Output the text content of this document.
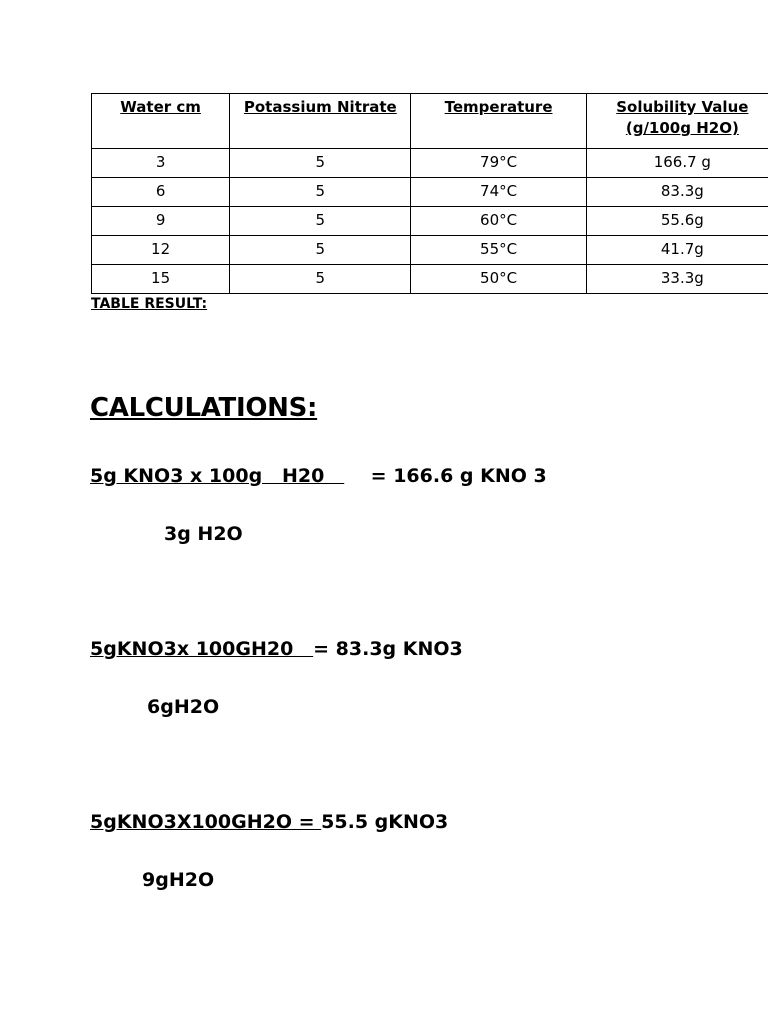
Water cm	Potassium Nitrate	Temperature	Solubility Value
(g/100g H2O)
3	5	79°C	166.7 g
6	5	74°C	83.3g
9	5	60°C	55.6g
12	5	55°C	41.7g
15	5	50°C	33.3g
TABLE RESULT:
CALCULATIONS:
5g KNO3 x 100g   H20       = 166.6 g KNO 3
3g H2O
5gKNO3x 100GH20   = 83.3g KNO3
6gH2O
5gKNO3X100GH2O = 55.5 gKNO3
9gH2O
